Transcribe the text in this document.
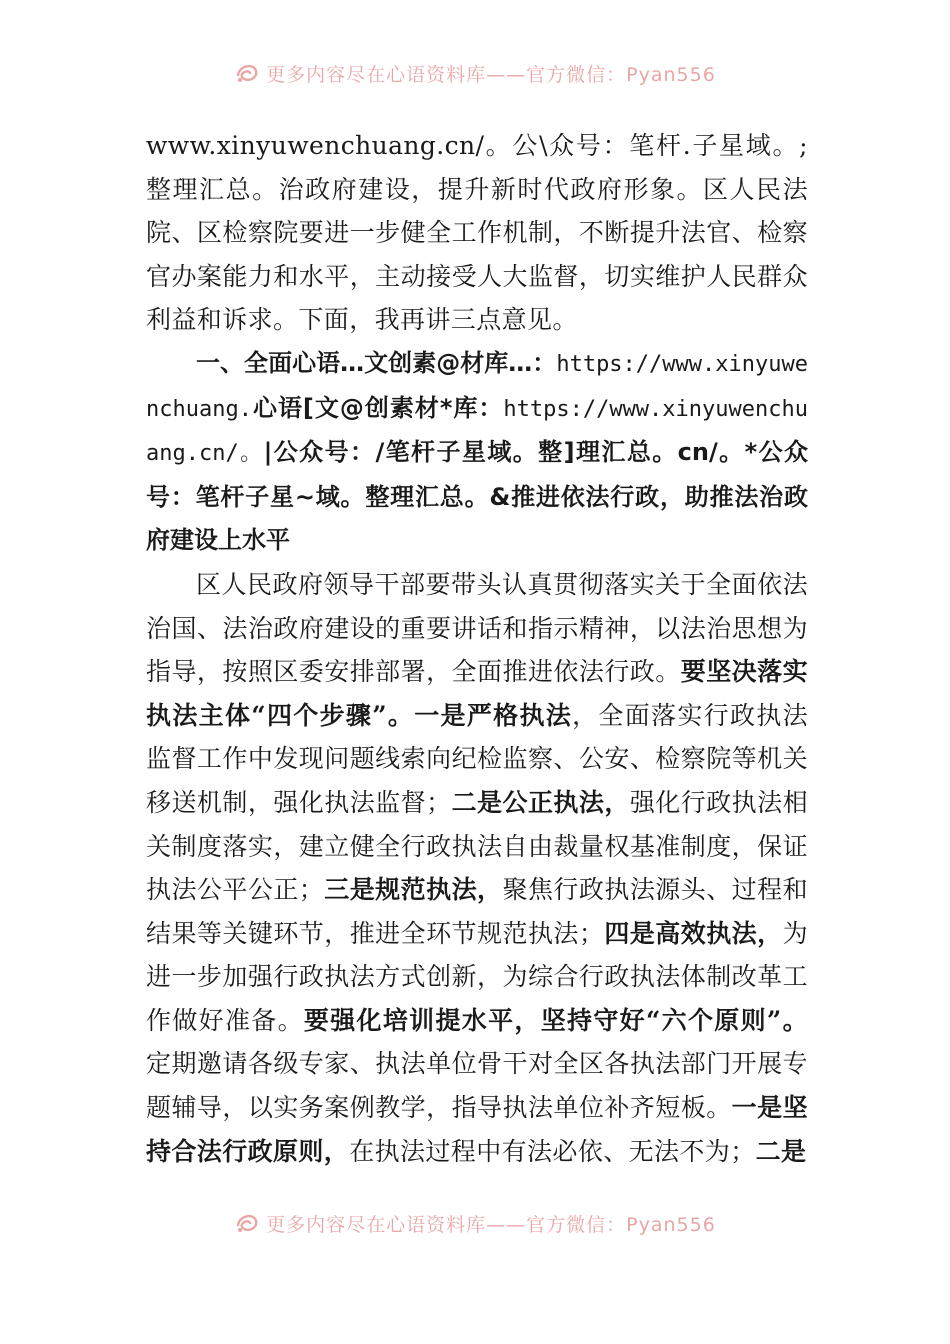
更多内容尽在心语资料库——官方微信：Pyan556

www.xinyuwenchuang.cn/。公\众号：笔杆.子星域。;整理汇总。治政府建设，提升新时代政府形象。区人民法院、区检察院要进一步健全工作机制，不断提升法官、检察官办案能力和水平，主动接受人大监督，切实维护人民群众利益和诉求。下面，我再讲三点意见。

一、全面心语…文创素@材库…：https://www.xinyuwenchuang.心语[文@创素材*库：https://www.xinyuwenchuang.cn/。|公众号：/笔杆子星域。整]理汇总。cn/。*公众号：笔杆子星~域。整理汇总。&推进依法行政，助推法治政府建设上水平

区人民政府领导干部要带头认真贯彻落实关于全面依法治国、法治政府建设的重要讲话和指示精神，以法治思想为指导，按照区委安排部署，全面推进依法行政。要坚决落实执法主体“四个步骤”。一是严格执法，全面落实行政执法监督工作中发现问题线索向纪检监察、公安、检察院等机关移送机制，强化执法监督；二是公正执法，强化行政执法相关制度落实，建立健全行政执法自由裁量权基准制度，保证执法公平公正；三是规范执法，聚焦行政执法源头、过程和结果等关键环节，推进全环节规范执法；四是高效执法，为进一步加强行政执法方式创新，为综合行政执法体制改革工作做好准备。要强化培训提水平，坚持守好“六个原则”。定期邀请各级专家、执法单位骨干对全区各执法部门开展专题辅导，以实务案例教学，指导执法单位补齐短板。一是坚持合法行政原则，在执法过程中有法必依、无法不为；二是

更多内容尽在心语资料库——官方微信：Pyan556
